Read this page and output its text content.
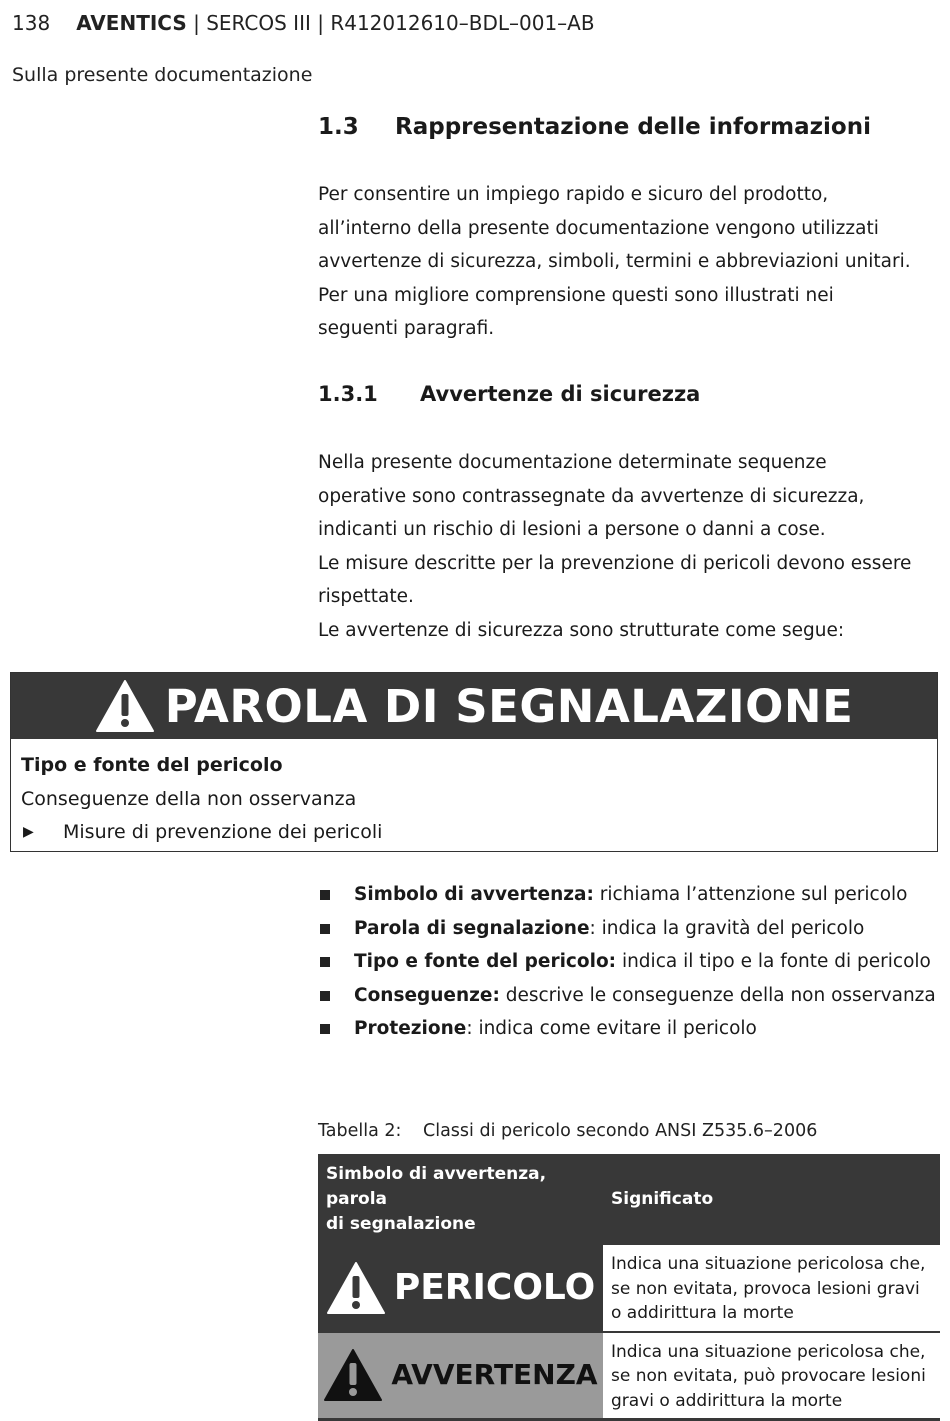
138 AVENTICS | SERCOS III | R412012610–BDL–001–AB
Sulla presente documentazione
1.3 Rappresentazione delle informazioni

Per consentire un impiego rapido e sicuro del prodotto,

all’interno della presente documentazione vengono utilizzati

avvertenze di sicurezza, simboli, termini e abbreviazioni unitari.

Per una migliore comprensione questi sono illustrati nei

seguenti paragrafi.

1.3.1 Avvertenze di sicurezza

Nella presente documentazione determinate sequenze

operative sono contrassegnate da avvertenze di sicurezza,

indicanti un rischio di lesioni a persone o danni a cose.

Le misure descritte per la prevenzione di pericoli devono essere

rispettate.

Le avvertenze di sicurezza sono strutturate come segue:

PAROLA DI SEGNALAZIONE
Tipo e fonte del pericolo
Conseguenze della non osservanza
▶	Misure di prevenzione dei pericoli
Simbolo di avvertenza: richiama l’attenzione sul pericolo
Parola di segnalazione: indica la gravità del pericolo
Tipo e fonte del pericolo: indica il tipo e la fonte di pericolo
Conseguenze: descrive le conseguenze della non osservanza
Protezione: indica come evitare il pericolo
Tabella 2: Classi di pericolo secondo ANSI Z535.6–2006
Simbolo di avvertenza, parola
di segnalazione	Significato

PERICOLO	Indica una situazione pericolosa che,
se non evitata, provoca lesioni gravi
o addirittura la morte

AVVERTENZA	Indica una situazione pericolosa che,
se non evitata, può provocare lesioni
gravi o addirittura la morte
